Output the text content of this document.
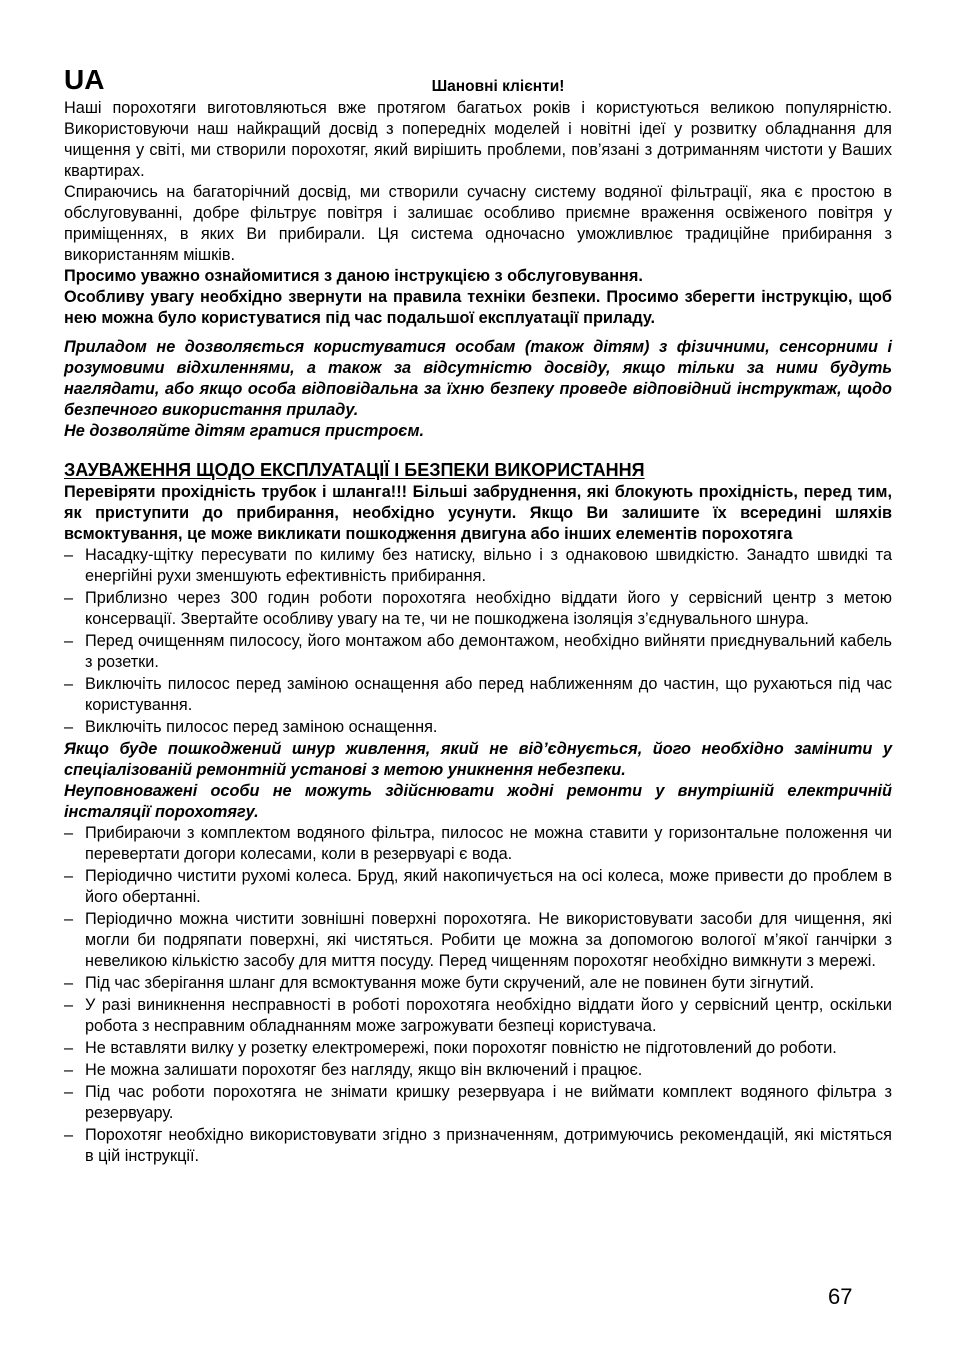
UA	Шановні клієнти!

Наші порохотяги виготовляються вже протягом багатьох років і користуються великою популярністю. Використовуючи наш найкращий досвід з попередніх моделей і новітні ідеї у розвитку обладнання для чищення у світі, ми створили порохотяг, який вирішить проблеми, пов’язані з дотриманням чистоти у Ваших квартирах.

Спираючись на багаторічний досвід, ми створили сучасну систему водяної фільтрації, яка є простою в обслуговуванні, добре фільтрує повітря і залишає особливо приємне враження освіженого повітря у приміщеннях, в яких Ви прибирали. Ця система одночасно уможливлює традиційне прибирання з використанням мішків.

Просимо уважно ознайомитися з даною інструкцією з обслуговування.

Особливу увагу необхідно звернути на правила техніки безпеки. Просимо зберегти інструкцію, щоб нею можна було користуватися під час подальшої експлуатації приладу.

Приладом не дозволяється користуватися особам (також дітям) з фізичними, сенсорними і розумовими відхиленнями, а також за відсутністю досвіду, якщо тільки за ними будуть наглядати, або якщо особа відповідальна за їхню безпеку проведе відповідний інструктаж, щодо безпечного використання приладу.

Не дозволяйте дітям гратися пристроєм.

ЗАУВАЖЕННЯ ЩОДО ЕКСПЛУАТАЦІЇ І БЕЗПЕКИ ВИКОРИСТАННЯ

Перевіряти прохідність трубок і шланга!!! Більші забруднення, які блокують прохідність, перед тим, як приступити до прибирання, необхідно усунути. Якщо Ви залишите їх всередині шляхів всмоктування, це може викликати пошкодження двигуна або інших елементів порохотяга

– Насадку-щітку пересувати по килиму без натиску, вільно і з однаковою швидкістю. Занадто швидкі та енергійні рухи зменшують ефективність прибирання.
– Приблизно через 300 годин роботи порохотяга необхідно віддати його у сервісний центр з метою консервації. Звертайте особливу увагу на те, чи не пошкоджена ізоляція з’єднувального шнура.
– Перед очищенням пилососу, його монтажом або демонтажом, необхідно вийняти приєднувальний кабель з розетки.
– Виключіть пилосос перед заміною оснащення або перед наближенням до частин, що рухаються під час користування.
– Виключіть пилосос перед заміною оснащення.

Якщо буде пошкоджений шнур живлення, який не від’єднується, його необхідно замінити у спеціалізованій ремонтній установі з метою уникнення небезпеки.

Неуповноважені особи не можуть здійснювати жодні ремонти у внутрішній електричній інсталяції порохотягу.

– Прибираючи з комплектом водяного фільтра, пилосос не можна ставити у горизонтальне положення чи перевертати догори колесами, коли в резервуарі є вода.
– Періодично чистити рухомі колеса. Бруд, який накопичується на осі колеса, може привести до проблем в його обертанні.
– Періодично можна чистити зовнішні поверхні порохотяга. Не використовувати засоби для чищення, які могли би подряпати поверхні, які чистяться. Робити це можна за допомогою вологої м’якої ганчірки з невеликою кількістю засобу для миття посуду. Перед чищенням порохотяг необхідно вимкнути з мережі.
– Під час зберігання шланг для всмоктування може бути скручений, але не повинен бути зігнутий.
– У разі виникнення несправності в роботі порохотяга необхідно віддати його у сервісний центр, оскільки робота з несправним обладнанням може загрожувати безпеці користувача.
– Не вставляти вилку у розетку електромережі, поки порохотяг повністю не підготовлений до роботи.
– Не можна залишати порохотяг без нагляду, якщо він включений і працює.
– Під час роботи порохотяга не знімати кришку резервуара і не виймати комплект водяного фільтра з резервуару.
– Порохотяг необхідно використовувати згідно з призначенням, дотримуючись рекомендацій, які містяться в цій інструкції.
67
